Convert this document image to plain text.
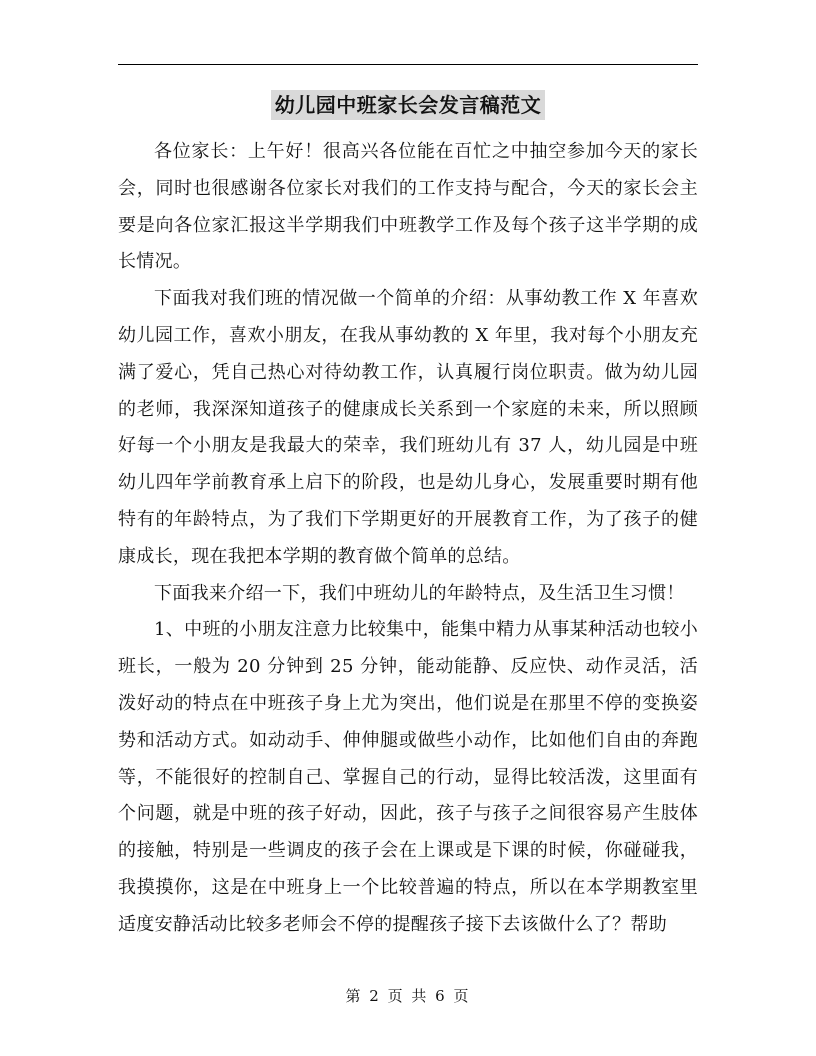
幼儿园中班家长会发言稿范文

各位家长：上午好！很高兴各位能在百忙之中抽空参加今天的家长会，同时也很感谢各位家长对我们的工作支持与配合，今天的家长会主要是向各位家汇报这半学期我们中班教学工作及每个孩子这半学期的成长情况。

下面我对我们班的情况做一个简单的介绍：从事幼教工作 X 年喜欢幼儿园工作，喜欢小朋友，在我从事幼教的 X 年里，我对每个小朋友充满了爱心，凭自己热心对待幼教工作，认真履行岗位职责。做为幼儿园的老师，我深深知道孩子的健康成长关系到一个家庭的未来，所以照顾好每一个小朋友是我最大的荣幸，我们班幼儿有 37 人，幼儿园是中班幼儿四年学前教育承上启下的阶段，也是幼儿身心，发展重要时期有他特有的年龄特点，为了我们下学期更好的开展教育工作，为了孩子的健康成长，现在我把本学期的教育做个简单的总结。

下面我来介绍一下，我们中班幼儿的年龄特点，及生活卫生习惯！

1、中班的小朋友注意力比较集中，能集中精力从事某种活动也较小班长，一般为 20 分钟到 25 分钟，能动能静、反应快、动作灵活，活泼好动的特点在中班孩子身上尤为突出，他们说是在那里不停的变换姿势和活动方式。如动动手、伸伸腿或做些小动作，比如他们自由的奔跑等，不能很好的控制自己、掌握自己的行动，显得比较活泼，这里面有个问题，就是中班的孩子好动，因此，孩子与孩子之间很容易产生肢体的接触，特别是一些调皮的孩子会在上课或是下课的时候，你碰碰我，我摸摸你，这是在中班身上一个比较普遍的特点，所以在本学期教室里适度安静活动比较多老师会不停的提醒孩子接下去该做什么了？帮助

第 2 页 共 6 页
